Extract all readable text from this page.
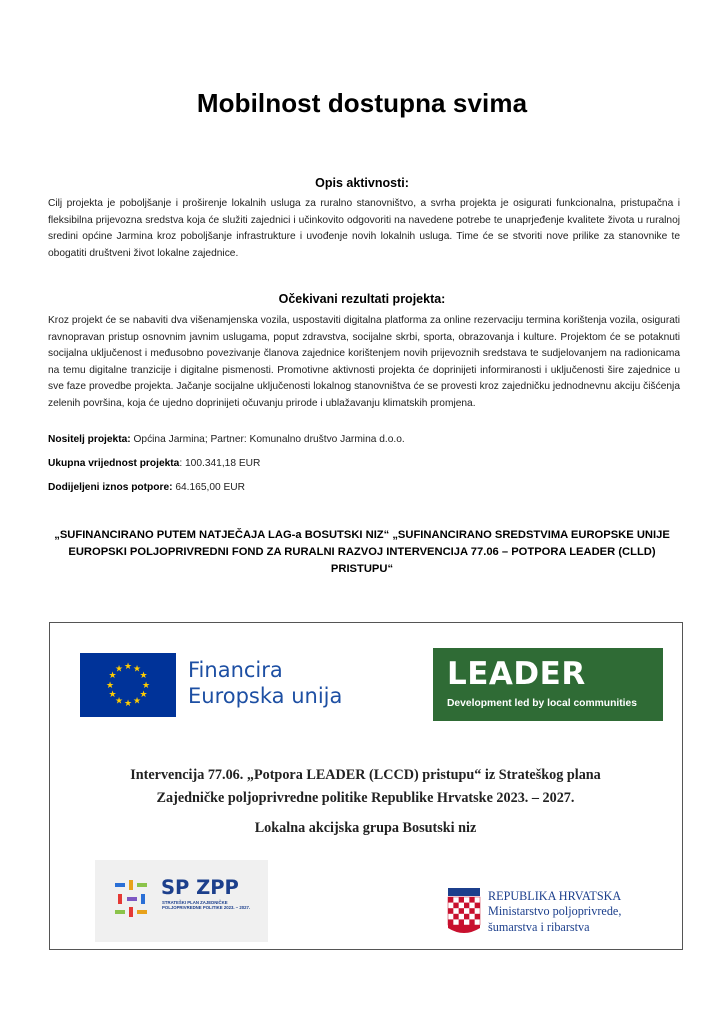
Mobilnost dostupna svima
Opis aktivnosti:
Cilj projekta je poboljšanje i proširenje lokalnih usluga za ruralno stanovništvo, a svrha projekta je osigurati funkcionalna, pristupačna i fleksibilna prijevozna sredstva koja će služiti zajednici i učinkovito odgovoriti na navedene potrebe te unaprjeđenje kvalitete života u ruralnoj sredini općine Jarmina kroz poboljšanje infrastrukture i uvođenje novih lokalnih usluga. Time će se stvoriti nove prilike za stanovnike te obogatiti društveni život lokalne zajednice.
Očekivani rezultati projekta:
Kroz projekt će se nabaviti dva višenamjenska vozila, uspostaviti digitalna platforma za online rezervaciju termina korištenja vozila, osigurati ravnopravan pristup osnovnim javnim uslugama, poput zdravstva, socijalne skrbi, sporta, obrazovanja i kulture. Projektom će se potaknuti socijalna uključenost i međusobno povezivanje članova zajednice korištenjem novih prijevoznih sredstava te sudjelovanjem na radionicama na temu digitalne tranzicije i digitalne pismenosti. Promotivne aktivnosti projekta će doprinijeti informiranosti i uključenosti šire zajednice u sve faze provedbe projekta. Jačanje socijalne uključenosti lokalnog stanovništva će se provesti kroz zajedničku jednodnevnu akciju čišćenja zelenih površina, koja će ujedno doprinijeti očuvanju prirode i ublažavanju klimatskih promjena.
Nositelj projekta: Općina Jarmina; Partner: Komunalno društvo Jarmina d.o.o.
Ukupna vrijednost projekta: 100.341,18 EUR
Dodijeljeni iznos potpore: 64.165,00 EUR
„SUFINANCIRANO PUTEM NATJEČAJA LAG-a BOSUTSKI NIZ“ „SUFINANCIRANO SREDSTVIMA EUROPSKE UNIJE
EUROPSKI POLJOPRIVREDNI FOND ZA RURALNI RAZVOJ INTERVENCIJA 77.06 – POTPORA LEADER (CLLD)
PRISTUPU“
★ ★
★
★
★
★
★
★
★
★
★
★	Financira
Europska unija
LEADER
Development led by local communities
Intervencija 77.06. „Potpora LEADER (LCCD) pristupu“ iz Strateškog plana
Zajedničke poljoprivredne politike Republike Hrvatske 2023. – 2027.
Lokalna akcijska grupa Bosutski niz
SP ZPP
STRATEŠKI PLAN ZAJEDNIČKE POLJOPRIVREDNE POLITIKE 2023. – 2027.
REPUBLIKA HRVATSKA
Ministarstvo poljoprivrede,
šumarstva i ribarstva
